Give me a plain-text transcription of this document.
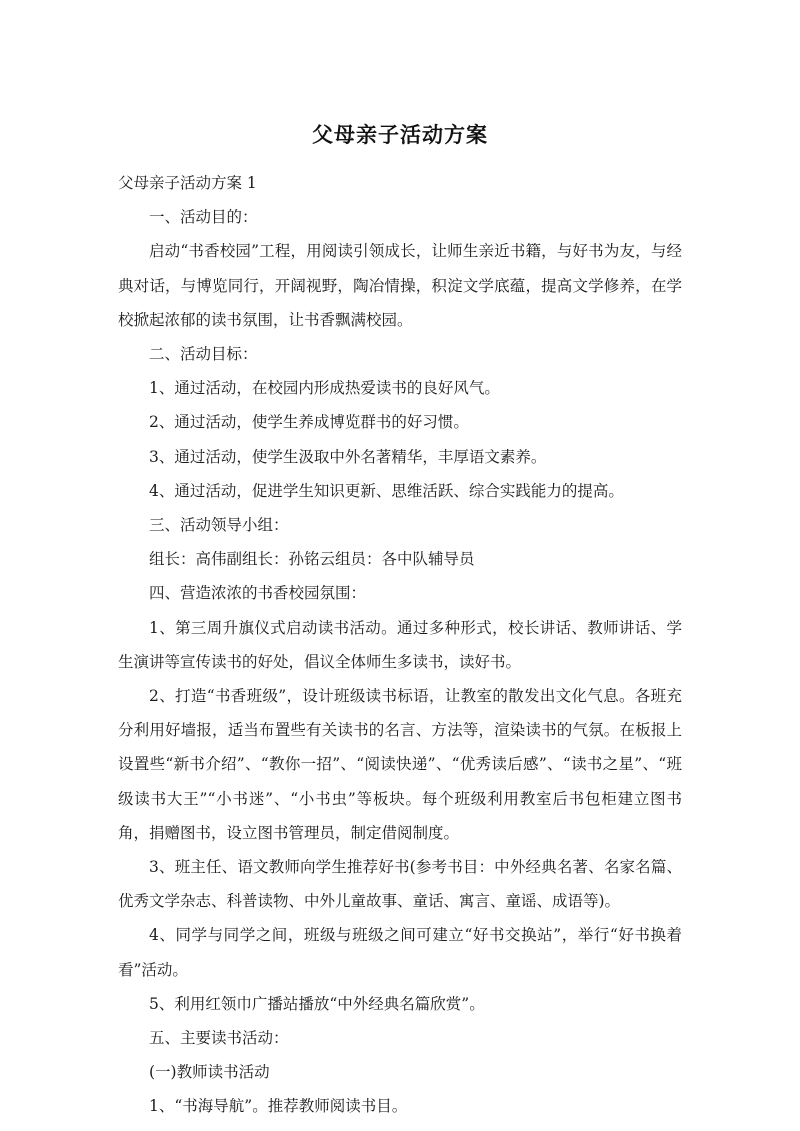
父母亲子活动方案

父母亲子活动方案 1

一、活动目的：

启动“书香校园”工程，用阅读引领成长，让师生亲近书籍，与好书为友，与经典对话，与博览同行，开阔视野，陶冶情操，积淀文学底蕴，提高文学修养，在学校掀起浓郁的读书氛围，让书香飘满校园。

二、活动目标：

1、通过活动，在校园内形成热爱读书的良好风气。

2、通过活动，使学生养成博览群书的好习惯。

3、通过活动，使学生汲取中外名著精华，丰厚语文素养。

4、通过活动，促进学生知识更新、思维活跃、综合实践能力的提高。

三、活动领导小组：

组长：高伟副组长：孙铭云组员：各中队辅导员

四、营造浓浓的书香校园氛围：

1、第三周升旗仪式启动读书活动。通过多种形式，校长讲话、教师讲话、学生演讲等宣传读书的好处，倡议全体师生多读书，读好书。

2、打造“书香班级”，设计班级读书标语，让教室的散发出文化气息。各班充分利用好墙报，适当布置些有关读书的名言、方法等，渲染读书的气氛。在板报上设置些“新书介绍”、“教你一招”、“阅读快递”、“优秀读后感”、“读书之星”、“班级读书大王”“小书迷”、“小书虫”等板块。每个班级利用教室后书包柜建立图书角，捐赠图书，设立图书管理员，制定借阅制度。

3、班主任、语文教师向学生推荐好书(参考书目：中外经典名著、名家名篇、优秀文学杂志、科普读物、中外儿童故事、童话、寓言、童谣、成语等)。

4、同学与同学之间，班级与班级之间可建立“好书交换站”，举行“好书换着看”活动。

5、利用红领巾广播站播放“中外经典名篇欣赏”。

五、主要读书活动：

(一)教师读书活动

1、“书海导航”。推荐教师阅读书目。
